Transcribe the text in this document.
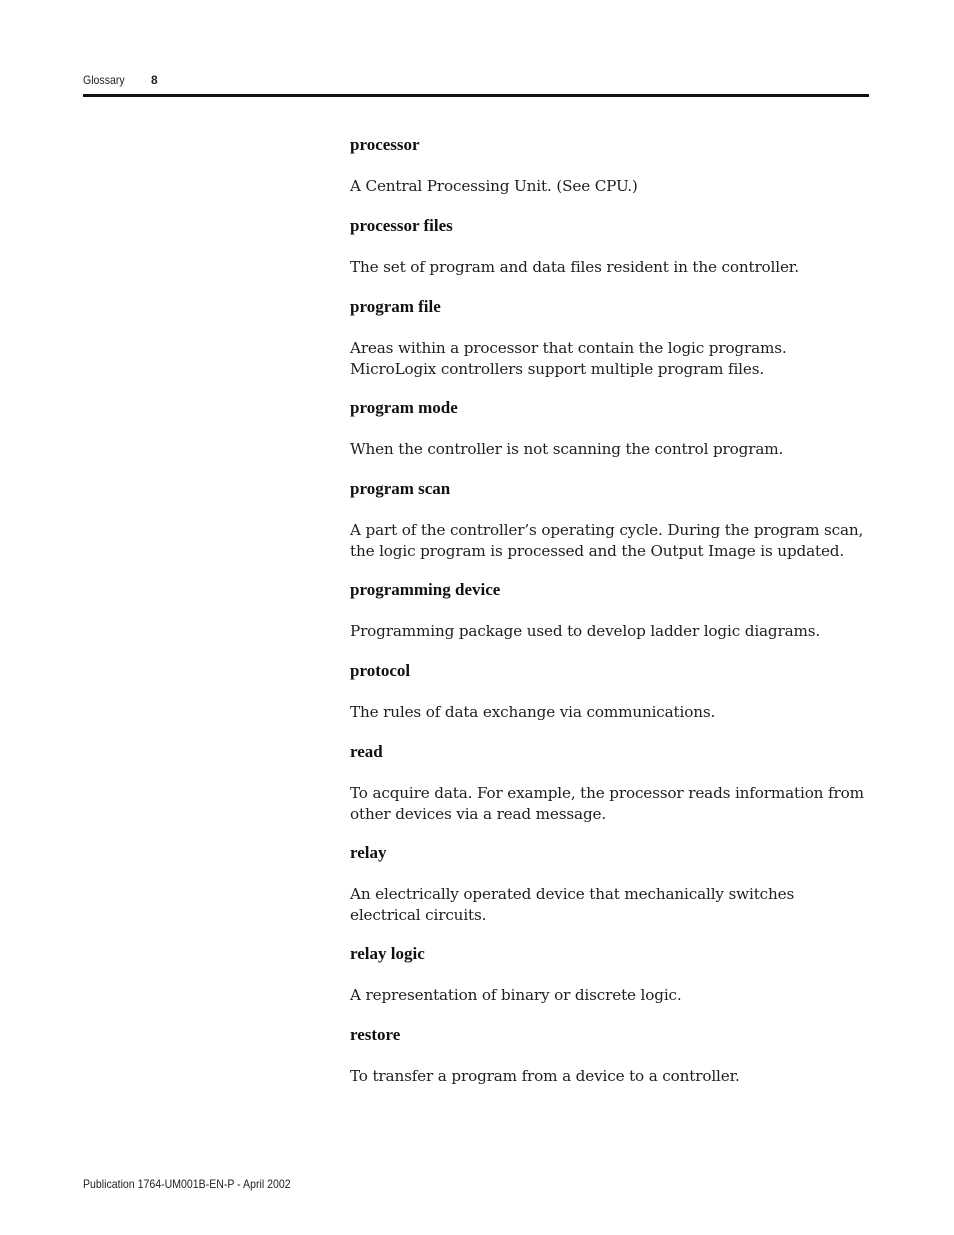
Glossary 8

processor

A Central Processing Unit. (See CPU.)

processor files

The set of program and data files resident in the controller.

program file

Areas within a processor that contain the logic programs. MicroLogix controllers support multiple program files.

program mode

When the controller is not scanning the control program.

program scan

A part of the controller’s operating cycle. During the program scan, the logic program is processed and the Output Image is updated.

programming device

Programming package used to develop ladder logic diagrams.

protocol

The rules of data exchange via communications.

read

To acquire data. For example, the processor reads information from other devices via a read message.

relay

An electrically operated device that mechanically switches electrical circuits.

relay logic

A representation of binary or discrete logic.

restore

To transfer a program from a device to a controller.

Publication 1764-UM001B-EN-P - April 2002
